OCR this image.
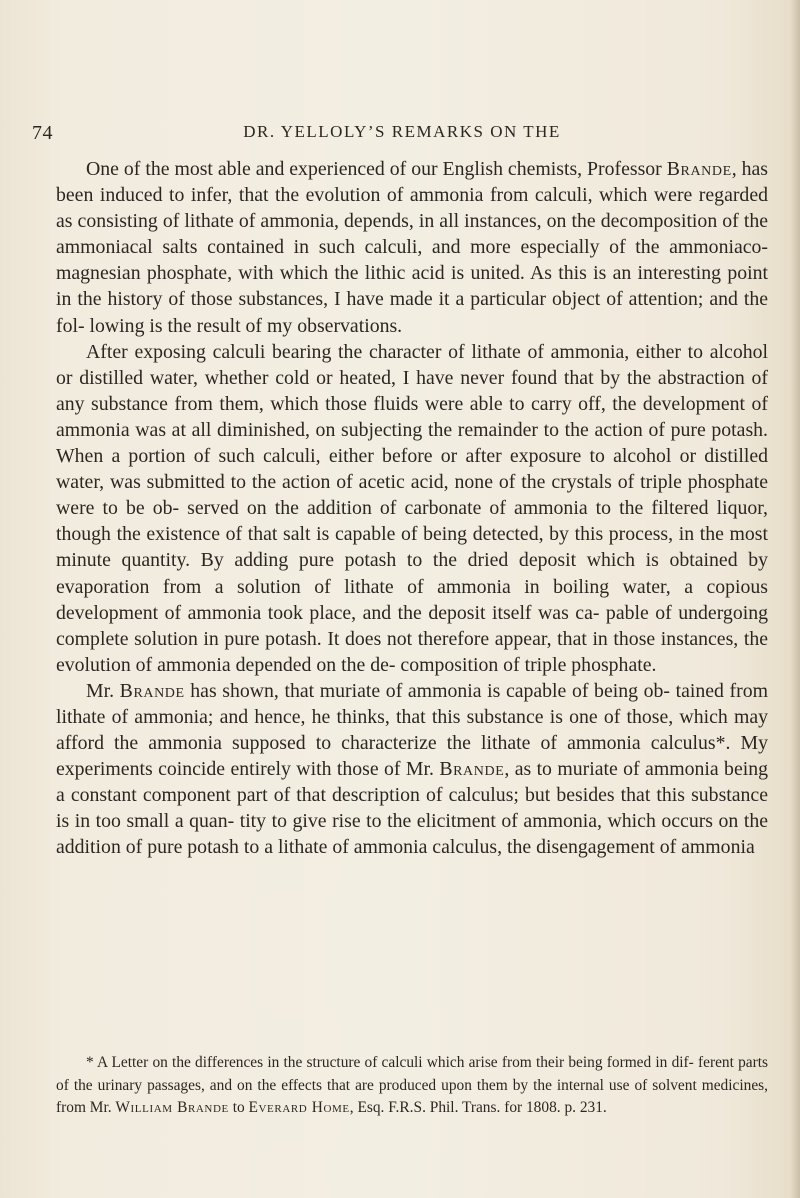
74	DR. YELLOLY’S REMARKS ON THE

One of the most able and experienced of our English chemists, Professor Brande, has been induced to infer, that the evolution of ammonia from calculi, which were regarded as consisting of lithate of ammonia, depends, in all instances, on the decomposition of the ammoniacal salts contained in such calculi, and more especially of the ammoniaco-magnesian phosphate, with which the lithic acid is united. As this is an interesting point in the history of those substances, I have made it a particular object of attention; and the fol- lowing is the result of my observations.

After exposing calculi bearing the character of lithate of ammonia, either to alcohol or distilled water, whether cold or heated, I have never found that by the abstraction of any substance from them, which those fluids were able to carry off, the development of ammonia was at all diminished, on subjecting the remainder to the action of pure potash. When a portion of such calculi, either before or after exposure to alcohol or distilled water, was submitted to the action of acetic acid, none of the crystals of triple phosphate were to be ob- served on the addition of carbonate of ammonia to the filtered liquor, though the existence of that salt is capable of being detected, by this process, in the most minute quantity. By adding pure potash to the dried deposit which is obtained by evaporation from a solution of lithate of ammonia in boiling water, a copious development of ammonia took place, and the deposit itself was ca- pable of undergoing complete solution in pure potash. It does not therefore appear, that in those instances, the evolution of ammonia depended on the de- composition of triple phosphate.

Mr. Brande has shown, that muriate of ammonia is capable of being ob- tained from lithate of ammonia; and hence, he thinks, that this substance is one of those, which may afford the ammonia supposed to characterize the lithate of ammonia calculus*. My experiments coincide entirely with those of Mr. Brande, as to muriate of ammonia being a constant component part of that description of calculus; but besides that this substance is in too small a quan- tity to give rise to the elicitment of ammonia, which occurs on the addition of pure potash to a lithate of ammonia calculus, the disengagement of ammonia

* A Letter on the differences in the structure of calculi which arise from their being formed in dif- ferent parts of the urinary passages, and on the effects that are produced upon them by the internal use of solvent medicines, from Mr. William Brande to Everard Home, Esq. F.R.S. Phil. Trans. for 1808. p. 231.
